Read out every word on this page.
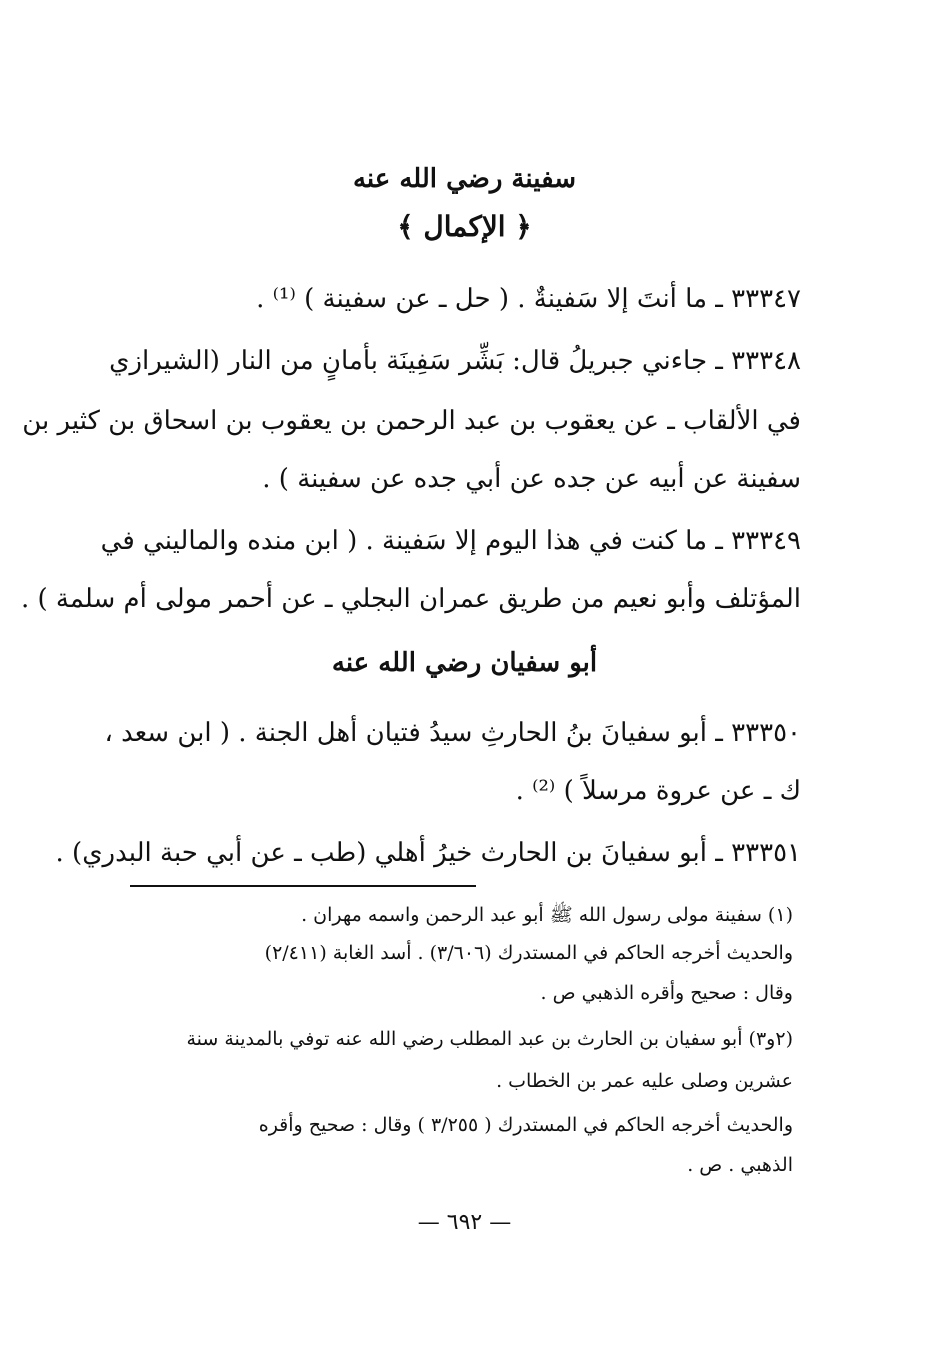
سفينة رضي الله عنه
﴿ الإكمال ﴾
٣٣٣٤٧ ـ ما أنتَ إلا سَفينةٌ . ( حل ـ عن سفينة ) ⁽¹⁾ .
٣٣٣٤٨ ـ جاءني جبريلُ قال: بَشِّر سَفِينَة بأمانٍ من النار (الشيرازي
في الألقاب ـ عن يعقوب بن عبد الرحمن بن يعقوب بن اسحاق بن كثير بن
سفينة عن أبيه عن جده عن أبي جده عن سفينة ) .
٣٣٣٤٩ ـ ما كنت في هذا اليوم إلا سَفينة . ( ابن منده والماليني في
المؤتلف وأبو نعيم من طريق عمران البجلي ـ عن أحمر مولى أم سلمة ) .
٣٣٣٥٠ ـ أبو سفيانَ بنُ الحارثِ سيدُ فتيان أهل الجنة . ( ابن سعد ،
ك ـ عن عروة مرسلاً ) ⁽²⁾ .
٣٣٣٥١ ـ أبو سفيانَ بن الحارث خيرُ أهلي (طب ـ عن أبي حبة البدري) .
أبو سفيان رضي الله عنه
(١) سفينة مولى رسول الله ﷺ أبو عبد الرحمن واسمه مهران .
والحديث أخرجه الحاكم في المستدرك (٣/٦٠٦) . أسد الغابة (٢/٤١١)
وقال : صحيح وأقره الذهبي ص .
(٢و٣) أبو سفيان بن الحارث بن عبد المطلب رضي الله عنه توفي بالمدينة سنة
عشرين وصلى عليه عمر بن الخطاب .
والحديث أخرجه الحاكم في المستدرك ( ٣/٢٥٥ ) وقال : صحيح وأقره
الذهبي . ص .
— ٦٩٢ —
